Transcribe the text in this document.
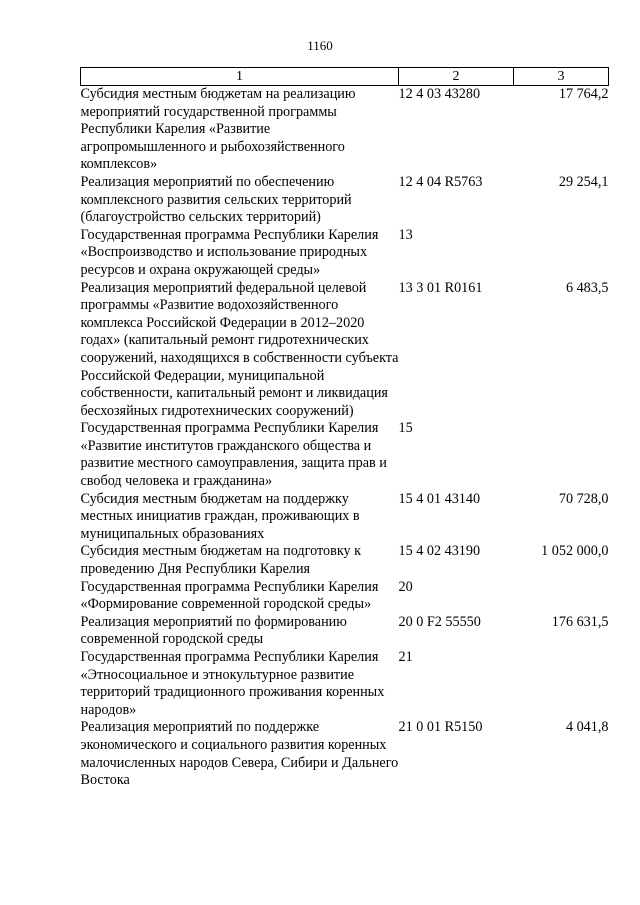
1160
1	2	3
Субсидия местным бюджетам на реализацию мероприятий государственной программы Республики Карелия «Развитие агропромышленного и рыбохозяйственного комплексов»	12 4 03 43280	17 764,2
Реализация мероприятий по обеспечению комплексного развития сельских территорий (благоустройство сельских территорий)	12 4 04 R5763	29 254,1
Государственная программа Республики Карелия «Воспроизводство и использование природных ресурсов и охрана окружающей среды»	13	
Реализация мероприятий федеральной целевой программы «Развитие водохозяйственного комплекса Российской Федерации в 2012–2020 годах» (капитальный ремонт гидротехнических сооружений, находящихся в собственности субъекта Российской Федерации, муниципальной собственности, капитальный ремонт и ликвидация бесхозяйных гидротехнических сооружений)	13 3 01 R0161	6 483,5
Государственная программа Республики Карелия «Развитие институтов гражданского общества и развитие местного самоуправления, защита прав и свобод человека и гражданина»	15	
Субсидия местным бюджетам на поддержку местных инициатив граждан, проживающих в муниципальных образованиях	15 4 01 43140	70 728,0
Субсидия местным бюджетам на подготовку к проведению Дня Республики Карелия	15 4 02 43190	1 052 000,0
Государственная программа Республики Карелия «Формирование современной городской среды»	20	
Реализация мероприятий по формированию современной городской среды	20 0 F2 55550	176 631,5
Государственная программа Республики Карелия «Этносоциальное и этнокультурное развитие территорий традиционного проживания коренных народов»	21	
Реализация мероприятий по поддержке экономического и социального развития коренных малочисленных народов Севера, Сибири и Дальнего Востока	21 0 01 R5150	4 041,8
